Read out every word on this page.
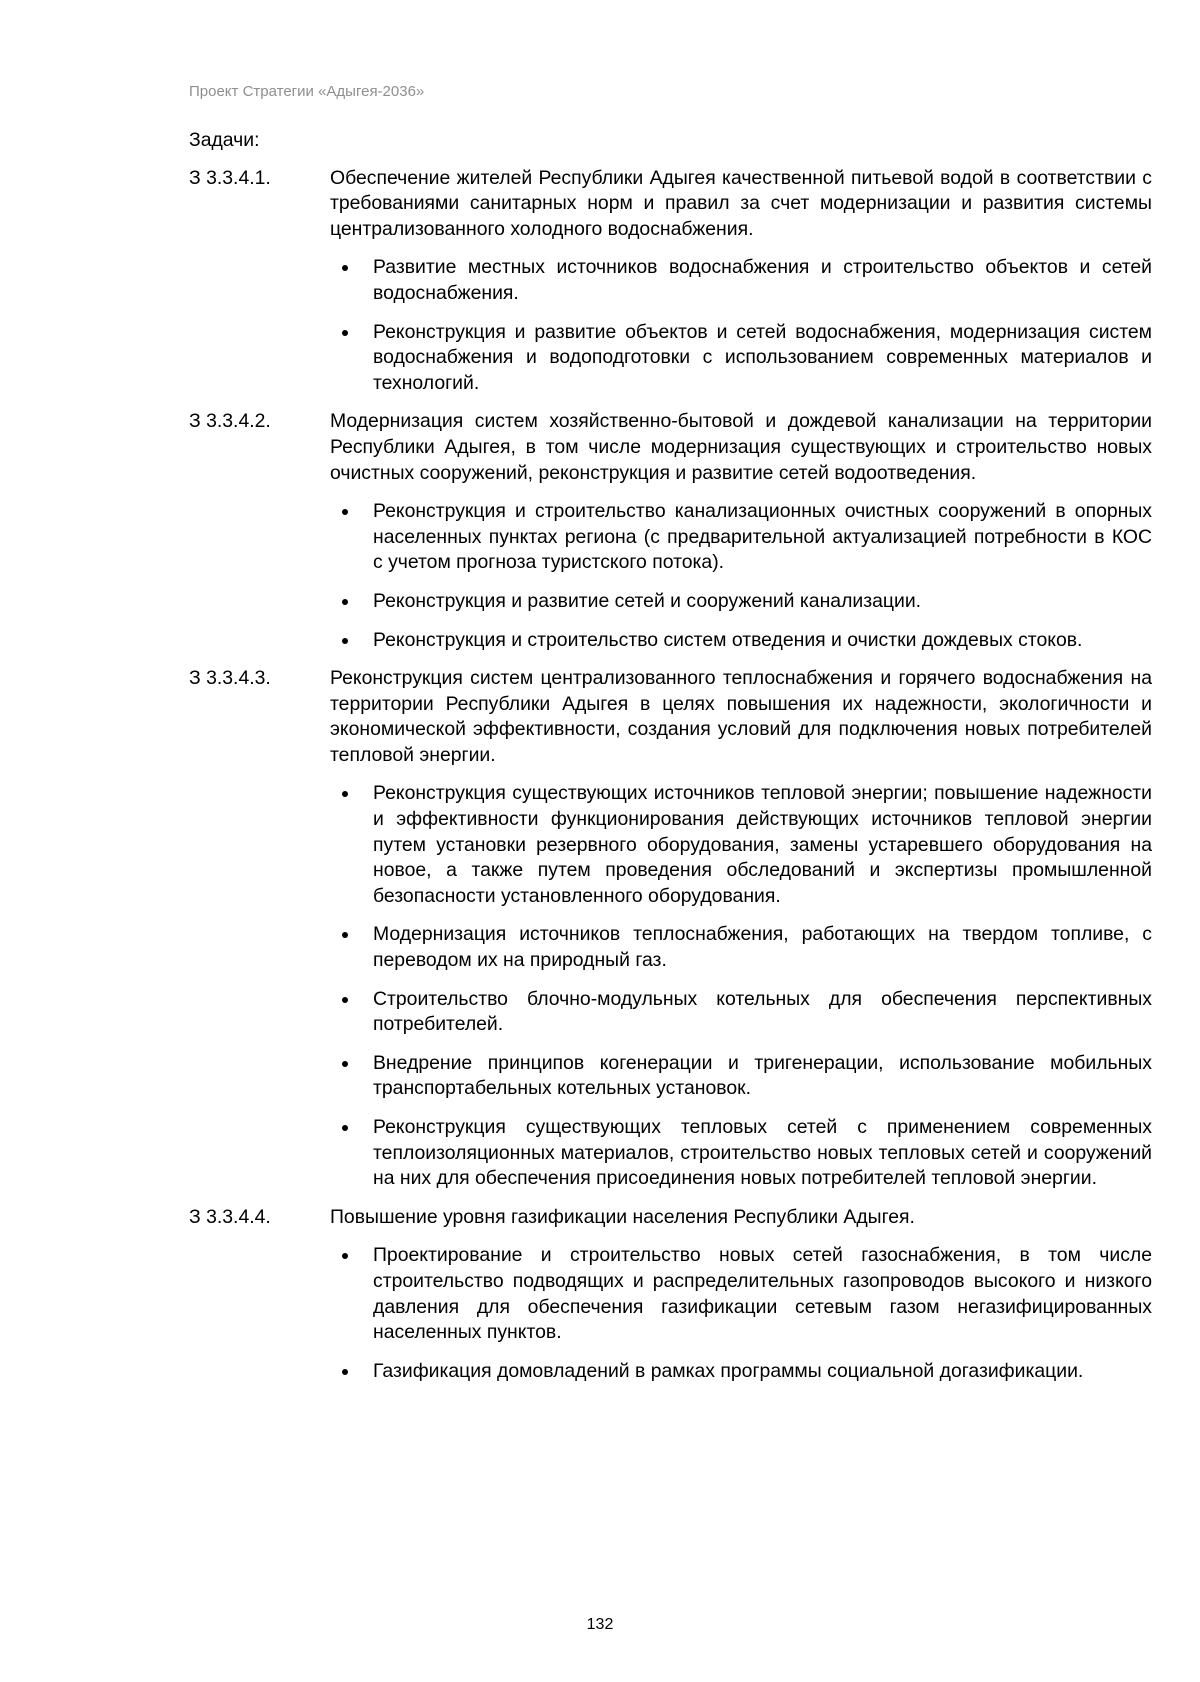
Проект Стратегии «Адыгея-2036»
Задачи:
З 3.3.4.1.	Обеспечение жителей Республики Адыгея качественной питьевой водой в соответствии с требованиями санитарных норм и правил за счет модернизации и развития системы централизованного холодного водоснабжения.
Развитие местных источников водоснабжения и строительство объектов и сетей водоснабжения.
Реконструкция и развитие объектов и сетей водоснабжения, модернизация систем водоснабжения и водоподготовки с использованием современных материалов и технологий.
З 3.3.4.2.	Модернизация систем хозяйственно-бытовой и дождевой канализации на территории Республики Адыгея, в том числе модернизация существующих и строительство новых очистных сооружений, реконструкция и развитие сетей водоотведения.
Реконструкция и строительство канализационных очистных сооружений в опорных населенных пунктах региона (с предварительной актуализацией потребности в КОС с учетом прогноза туристского потока).
Реконструкция и развитие сетей и сооружений канализации.
Реконструкция и строительство систем отведения и очистки дождевых стоков.
З 3.3.4.3.	Реконструкция систем централизованного теплоснабжения и горячего водоснабжения на территории Республики Адыгея в целях повышения их надежности, экологичности и экономической эффективности, создания условий для подключения новых потребителей тепловой энергии.
Реконструкция существующих источников тепловой энергии; повышение надежности и эффективности функционирования действующих источников тепловой энергии путем установки резервного оборудования, замены устаревшего оборудования на новое, а также путем проведения обследований и экспертизы промышленной безопасности установленного оборудования.
Модернизация источников теплоснабжения, работающих на твердом топливе, с переводом их на природный газ.
Строительство блочно-модульных котельных для обеспечения перспективных потребителей.
Внедрение принципов когенерации и тригенерации, использование мобильных транспортабельных котельных установок.
Реконструкция существующих тепловых сетей с применением современных теплоизоляционных материалов, строительство новых тепловых сетей и сооружений на них для обеспечения присоединения новых потребителей тепловой энергии.
З 3.3.4.4.	Повышение уровня газификации населения Республики Адыгея.
Проектирование и строительство новых сетей газоснабжения, в том числе строительство подводящих и распределительных газопроводов высокого и низкого давления для обеспечения газификации сетевым газом негазифицированных населенных пунктов.
Газификация домовладений в рамках программы социальной догазификации.
132
